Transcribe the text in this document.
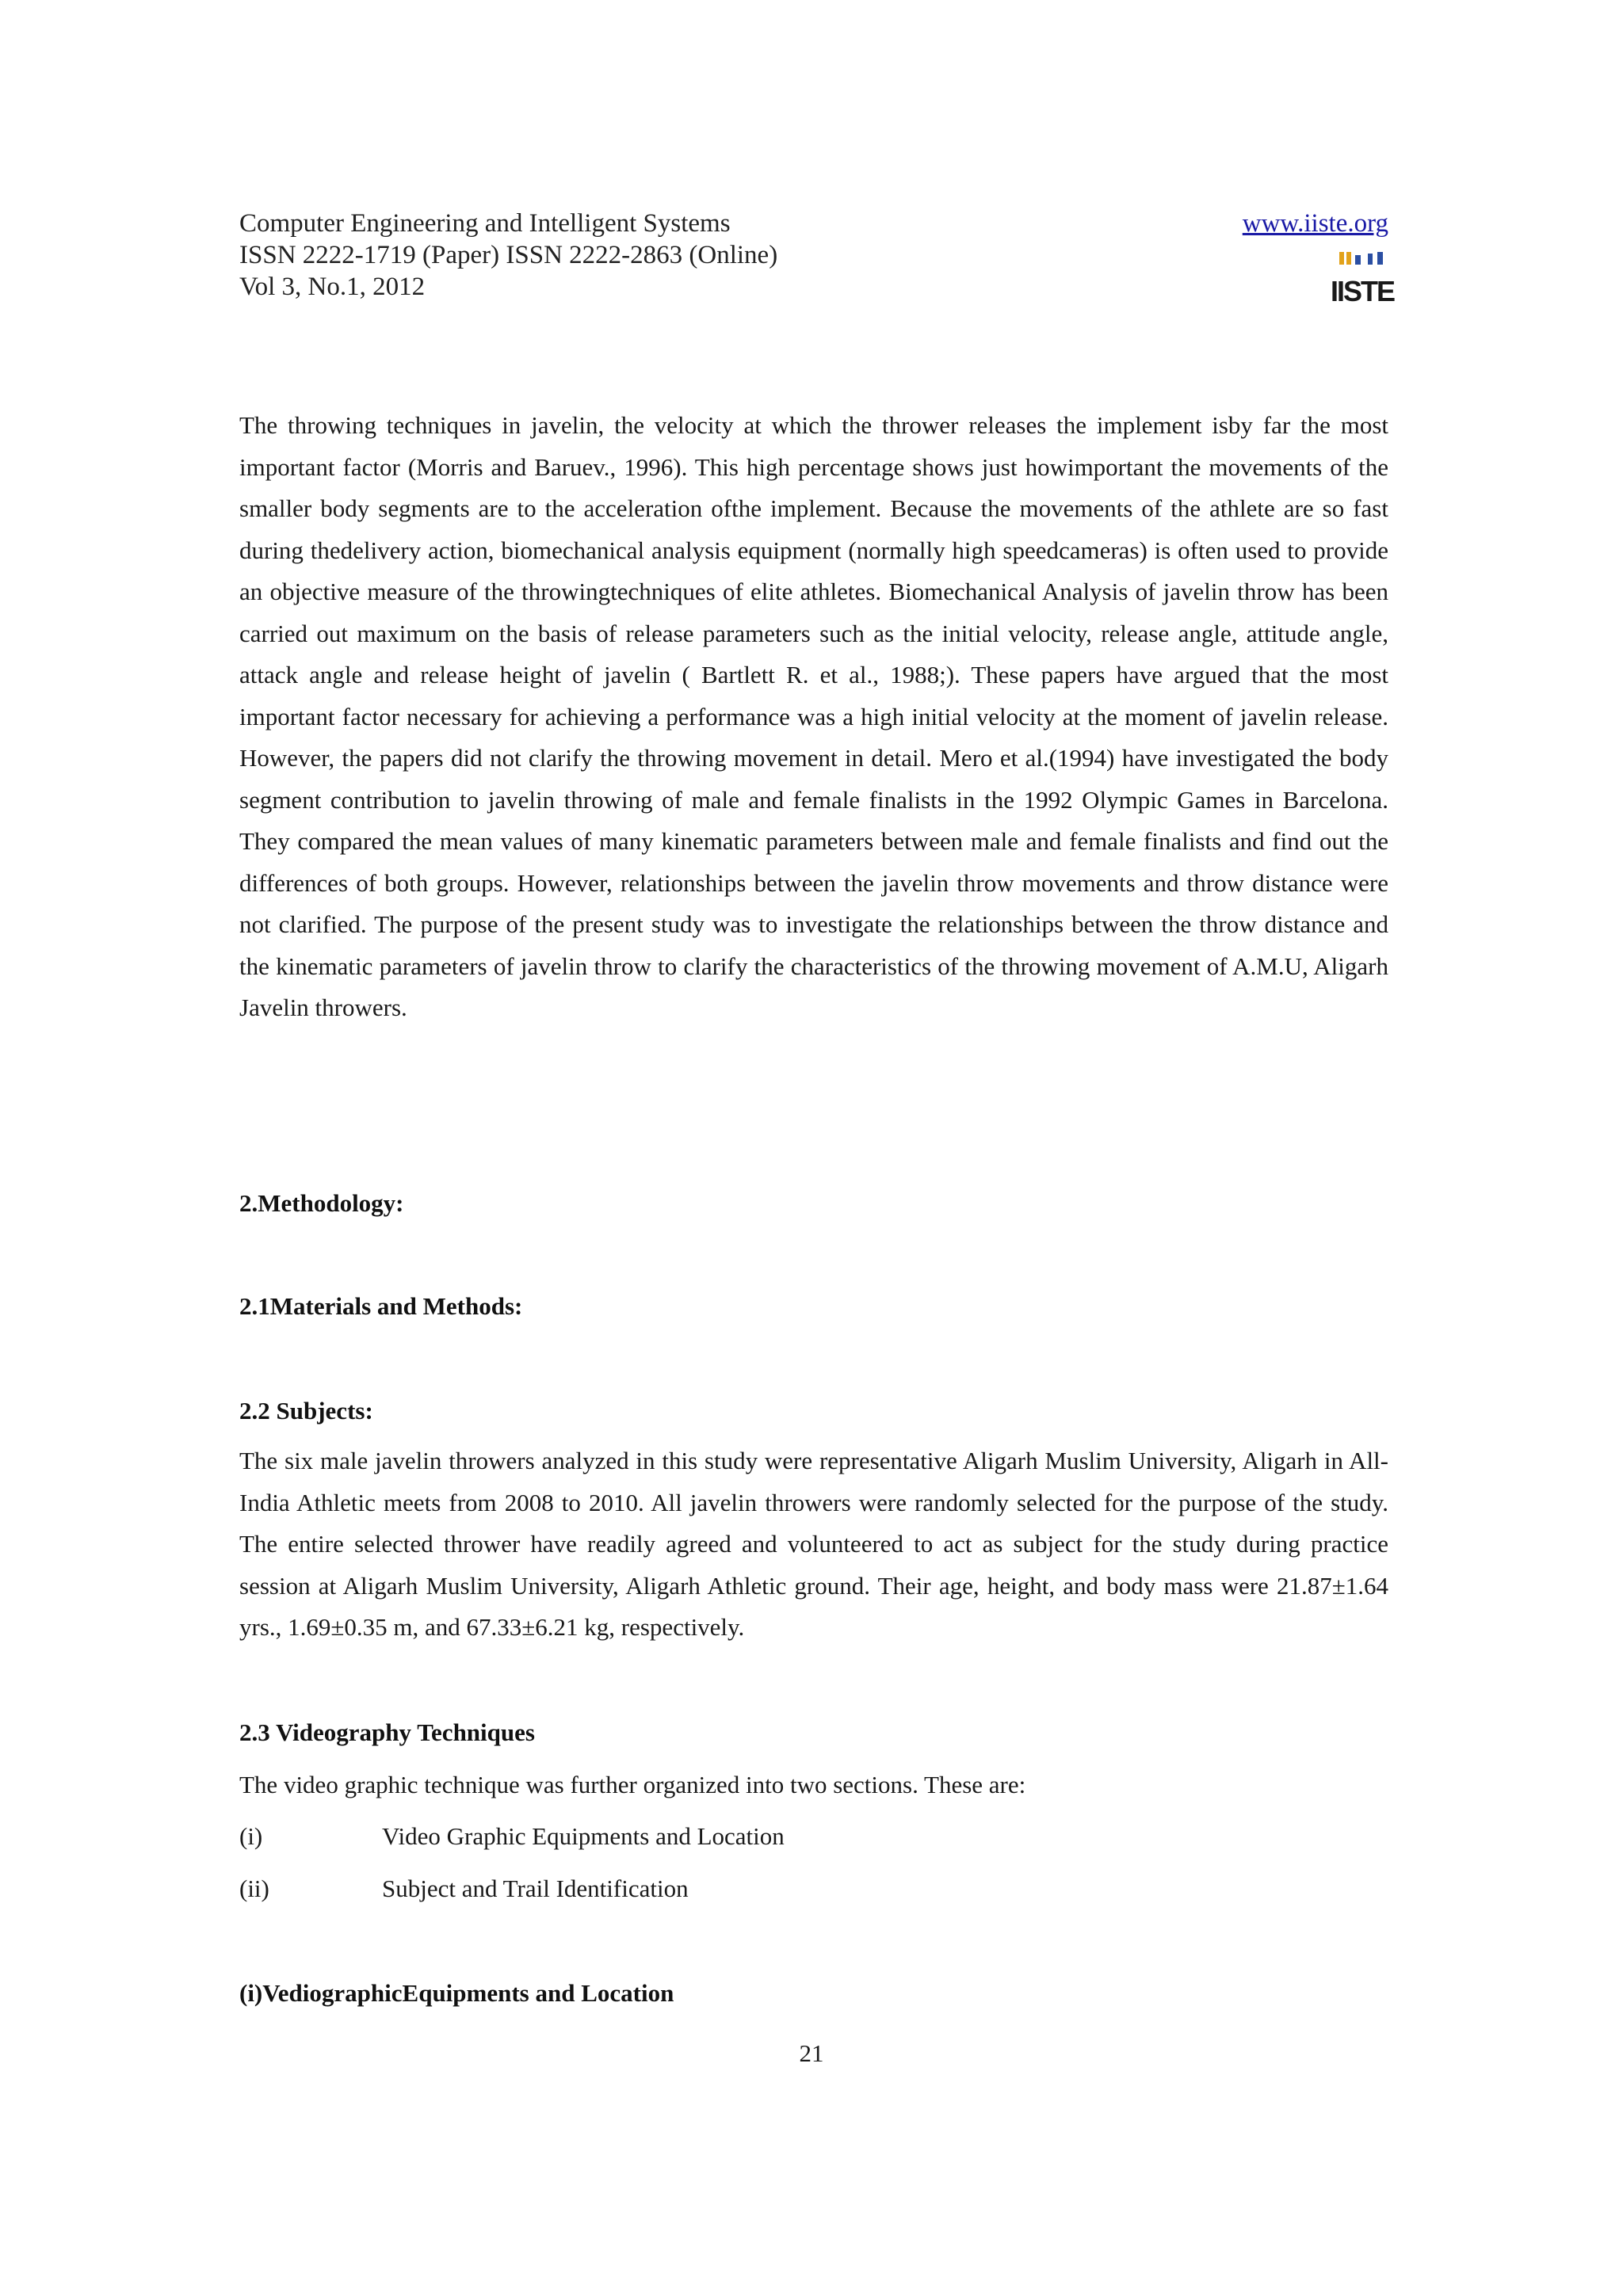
Computer Engineering and Intelligent Systems
ISSN 2222-1719 (Paper) ISSN 2222-2863 (Online)
Vol 3, No.1, 2012
www.iiste.org
IISTE

The throwing techniques in javelin, the velocity at which the thrower releases the implement isby far the most important factor (Morris and Baruev., 1996). This high percentage shows just howimportant the movements of the smaller body segments are to the acceleration ofthe implement. Because the movements of the athlete are so fast during thedelivery action, biomechanical analysis equipment (normally high speedcameras) is often used to provide an objective measure of the throwingtechniques of elite athletes. Biomechanical Analysis of javelin throw has been carried out maximum on the basis of release parameters such as the initial velocity, release angle, attitude angle, attack angle and release height of javelin ( Bartlett R. et al., 1988;). These papers have argued that the most important factor necessary for achieving a performance was a high initial velocity at the moment of javelin release. However, the papers did not clarify the throwing movement in detail. Mero et al.(1994) have investigated the body segment contribution to javelin throwing of male and female finalists in the 1992 Olympic Games in Barcelona. They compared the mean values of many kinematic parameters between male and female finalists and find out the differences of both groups. However, relationships between the javelin throw movements and throw distance were not clarified. The purpose of the present study was to investigate the relationships between the throw distance and the kinematic parameters of javelin throw to clarify the characteristics of the throwing movement of A.M.U, Aligarh Javelin throwers.

2.Methodology:
2.1Materials and Methods:
2.2 Subjects:

The six male javelin throwers analyzed in this study were representative Aligarh Muslim University, Aligarh in All- India Athletic meets from 2008 to 2010. All javelin throwers were randomly selected for the purpose of the study. The entire selected thrower have readily agreed and volunteered to act as subject for the study during practice session at Aligarh Muslim University, Aligarh Athletic ground. Their age, height, and body mass were 21.87±1.64 yrs., 1.69±0.35 m, and 67.33±6.21 kg, respectively.

2.3 Videography Techniques
The video graphic technique was further organized into two sections. These are:
(i)	Video Graphic Equipments and Location
(ii)	Subject and Trail Identification
(i)VediographicEquipments and Location
21
